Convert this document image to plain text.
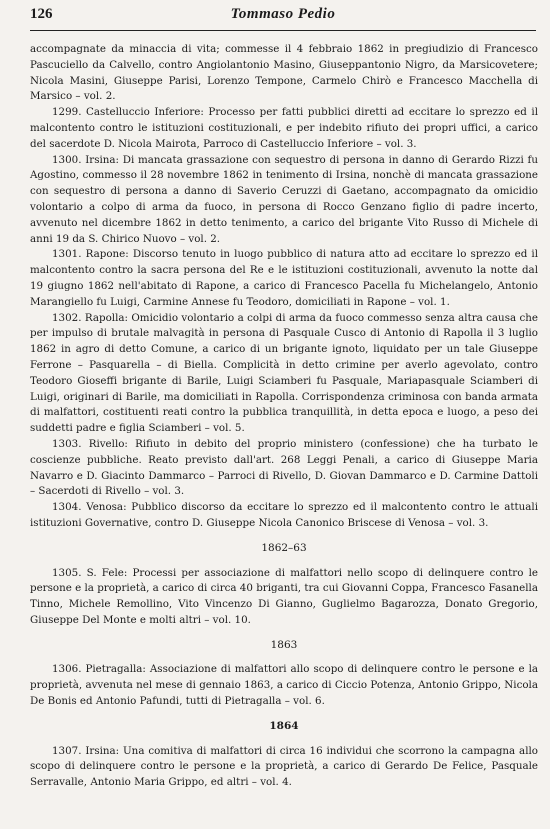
126	Tommaso Pedio

accompagnate da minaccia di vita; commesse il 4 febbraio 1862 in pregiudizio di Francesco Pascuciello da Calvello, contro Angiolantonio Masino, Giuseppantonio Nigro, da Marsicovetere; Nicola Masini, Giuseppe Parisi, Lorenzo Tempone, Carmelo Chirò e Francesco Macchella di Marsico – vol. 2.

1299. Castelluccio Inferiore: Processo per fatti pubblici diretti ad eccitare lo sprezzo ed il malcontento contro le istituzioni costituzionali, e per indebito rifiuto dei propri uffici, a carico del sacerdote D. Nicola Mairota, Parroco di Castelluccio Inferiore – vol. 3.

1300. Irsina: Di mancata grassazione con sequestro di persona in danno di Gerardo Rizzi fu Agostino, commesso il 28 novembre 1862 in tenimento di Irsina, nonchè di mancata grassazione con sequestro di persona a danno di Saverio Ceruzzi di Gaetano, accompagnato da omicidio volontario a colpo di arma da fuoco, in persona di Rocco Genzano figlio di padre incerto, avvenuto nel dicembre 1862 in detto tenimento, a carico del brigante Vito Russo di Michele di anni 19 da S. Chirico Nuovo – vol. 2.

1301. Rapone: Discorso tenuto in luogo pubblico di natura atto ad eccitare lo sprezzo ed il malcontento contro la sacra persona del Re e le istituzioni costituzionali, avvenuto la notte dal 19 giugno 1862 nell'abitato di Rapone, a carico di Francesco Pacella fu Michelangelo, Antonio Marangiello fu Luigi, Carmine Annese fu Teodoro, domiciliati in Rapone – vol. 1.

1302. Rapolla: Omicidio volontario a colpi di arma da fuoco commesso senza altra causa che per impulso di brutale malvagità in persona di Pasquale Cusco di Antonio di Rapolla il 3 luglio 1862 in agro di detto Comune, a carico di un brigante ignoto, liquidato per un tale Giuseppe Ferrone – Pasquarella – di Biella. Complicità in detto crimine per averlo agevolato, contro Teodoro Gioseffi brigante di Barile, Luigi Sciamberi fu Pasquale, Mariapasquale Sciamberi di Luigi, originari di Barile, ma domiciliati in Rapolla. Corrispondenza criminosa con banda armata di malfattori, costituenti reati contro la pubblica tranquillità, in detta epoca e luogo, a peso dei suddetti padre e figlia Sciamberi – vol. 5.

1303. Rivello: Rifiuto in debito del proprio ministero (confessione) che ha turbato le coscienze pubbliche. Reato previsto dall'art. 268 Leggi Penali, a carico di Giuseppe Maria Navarro e D. Giacinto Dammarco – Parroci di Rivello, D. Giovan Dammarco e D. Carmine Dattoli – Sacerdoti di Rivello – vol. 3.

1304. Venosa: Pubblico discorso da eccitare lo sprezzo ed il malcontento contro le attuali istituzioni Governative, contro D. Giuseppe Nicola Canonico Briscese di Venosa – vol. 3.

1862–63

1305. S. Fele: Processi per associazione di malfattori nello scopo di delinquere contro le persone e la proprietà, a carico di circa 40 briganti, tra cui Giovanni Coppa, Francesco Fasanella Tinno, Michele Remollino, Vito Vincenzo Di Gianno, Guglielmo Bagarozza, Donato Gregorio, Giuseppe Del Monte e molti altri – vol. 10.

1863

1306. Pietragalla: Associazione di malfattori allo scopo di delinquere contro le persone e la proprietà, avvenuta nel mese di gennaio 1863, a carico di Ciccio Potenza, Antonio Grippo, Nicola De Bonis ed Antonio Pafundi, tutti di Pietragalla – vol. 6.

1864

1307. Irsina: Una comitiva di malfattori di circa 16 individui che scorrono la campagna allo scopo di delinquere contro le persone e la proprietà, a carico di Gerardo De Felice, Pasquale Serravalle, Antonio Maria Grippo, ed altri – vol. 4.
